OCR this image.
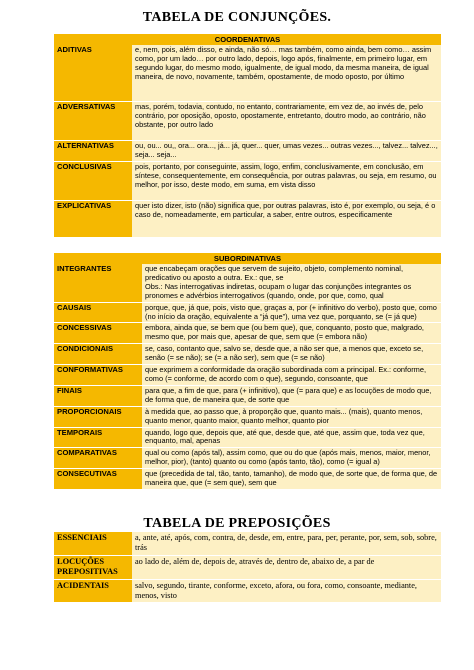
TABELA DE CONJUNÇÕES.
COORDENATIVAS	
ADITIVAS	e, nem, pois, além disso, e ainda, não só… mas também, como ainda, bem como… assim como, por um lado… por outro lado, depois, logo após, finalmente, em primeiro lugar, em segundo lugar, do mesmo modo, igualmente, de igual modo, da mesma maneira, de igual maneira, de novo, novamente, também, opostamente, de modo oposto, por último
ADVERSATIVAS	mas, porém, todavia, contudo, no entanto, contrariamente, em vez de, ao invés de, pelo contrário, por oposição, oposto, opostamente, entretanto, doutro modo, ao contrário, não obstante, por outro lado
ALTERNATIVAS	ou, ou... ou,, ora... ora..., já... já, quer... quer, umas vezes... outras vezes..., talvez... talvez..., seja... seja...
CONCLUSIVAS	pois, portanto, por conseguinte, assim, logo, enfim, conclusivamente, em conclusão, em síntese, consequentemente, em consequência, por outras palavras, ou seja, em resumo, ou melhor, por isso, deste modo, em suma, em vista disso
EXPLICATIVAS	quer isto dizer, isto (não) significa que, por outras palavras, isto é, por exemplo, ou seja, é o caso de, nomeadamente, em particular, a saber, entre outros, especificamente
SUBORDINATIVAS	
INTEGRANTES	que encabeçam orações que servem de sujeito, objeto, complemento nominal, predicativo ou aposto a outra. Ex.: que, se
Obs.: Nas interrogativas indiretas, ocupam o lugar das conjunções integrantes os pronomes e advérbios interrogativos (quando, onde, por que, como, qual
CAUSAIS	porque, que, já que, pois, visto que, graças a, por (+ infinitivo do verbo), posto que, como (no início da oração, equivalente a “já que”), uma vez que, porquanto, se (= já que)
CONCESSIVAS	embora, ainda que, se bem que (ou bem que), que, conquanto, posto que, malgrado, mesmo que, por mais que, apesar de que, sem que (= embora não)
CONDICIONAIS	se, caso, contanto que, salvo se, desde que, a não ser que, a menos que, exceto se, senão (= se não); se (= a não ser), sem que (= se não)
CONFORMATIVAS	que exprimem a conformidade da oração subordinada com a principal. Ex.: conforme, como (= conforme, de acordo com o que), segundo, consoante, que
FINAIS	para que, a fim de que, para (+ infinitivo), que (= para que) e as locuções de modo que, de forma que, de maneira que, de sorte que
PROPORCIONAIS	à medida que, ao passo que, à proporção que, quanto mais... (mais), quanto menos, quanto menor, quanto maior, quanto melhor, quanto pior
TEMPORAIS	quando, logo que, depois que, até que, desde que, até que, assim que, toda vez que, enquanto, mal, apenas
COMPARATIVAS	qual ou como (após tal), assim como, que ou do que (após mais, menos, maior, menor, melhor, pior), (tanto) quanto ou como (após tanto, tão), como (= igual a)
CONSECUTIVAS	que (precedida de tal, tão, tanto, tamanho), de modo que, de sorte que, de forma que, de maneira que, que (= sem que), sem que
TABELA DE PREPOSIÇÕES
ESSENCIAIS	a, ante, até, após, com, contra, de, desde, em, entre, para, per, perante, por, sem, sob, sobre, trás
LOCUÇÕES PREPOSITIVAS	ao lado de, além de, depois de, através de, dentro de, abaixo de, a par de
ACIDENTAIS	salvo, segundo, tirante, conforme, exceto, afora, ou fora, como, consoante, mediante, menos, visto
